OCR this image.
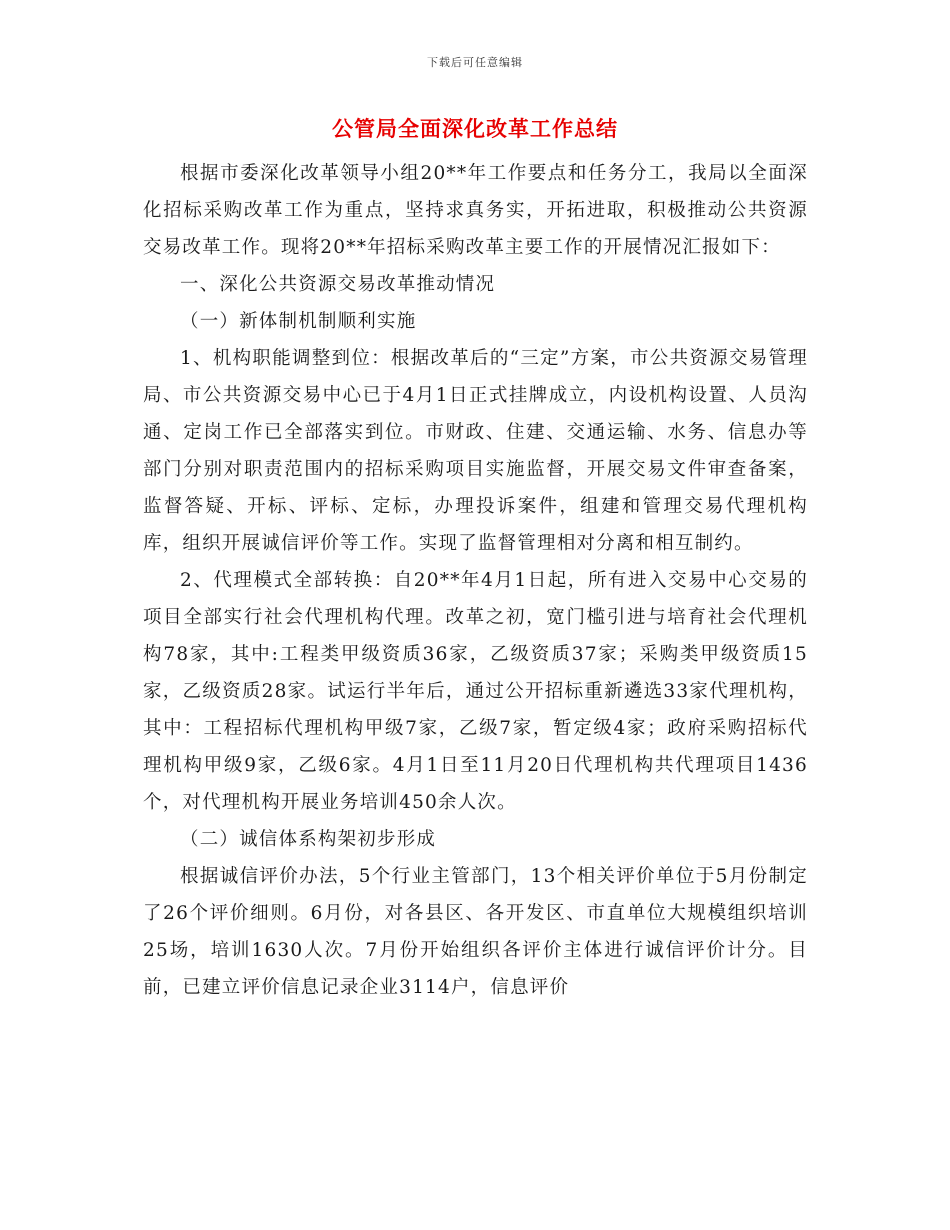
下载后可任意编辑
公管局全面深化改革工作总结

根据市委深化改革领导小组20**年工作要点和任务分工，我局以全面深化招标采购改革工作为重点，坚持求真务实，开拓进取，积极推动公共资源交易改革工作。现将20**年招标采购改革主要工作的开展情况汇报如下：

一、深化公共资源交易改革推动情况

（一）新体制机制顺利实施

1、机构职能调整到位：根据改革后的“三定”方案，市公共资源交易管理局、市公共资源交易中心已于4月1日正式挂牌成立，内设机构设置、人员沟通、定岗工作已全部落实到位。市财政、住建、交通运输、水务、信息办等部门分别对职责范围内的招标采购项目实施监督，开展交易文件审查备案，监督答疑、开标、评标、定标，办理投诉案件，组建和管理交易代理机构库，组织开展诚信评价等工作。实现了监督管理相对分离和相互制约。

2、代理模式全部转换：自20**年4月1日起，所有进入交易中心交易的项目全部实行社会代理机构代理。改革之初，宽门槛引进与培育社会代理机构78家，其中:工程类甲级资质36家，乙级资质37家；采购类甲级资质15家，乙级资质28家。试运行半年后，通过公开招标重新遴选33家代理机构，其中：工程招标代理机构甲级7家，乙级7家，暂定级4家；政府采购招标代理机构甲级9家，乙级6家。4月1日至11月20日代理机构共代理项目1436个，对代理机构开展业务培训450余人次。

（二）诚信体系构架初步形成

根据诚信评价办法，5个行业主管部门，13个相关评价单位于5月份制定了26个评价细则。6月份，对各县区、各开发区、市直单位大规模组织培训25场，培训1630人次。7月份开始组织各评价主体进行诚信评价计分。目前，已建立评价信息记录企业3114户，信息评价
